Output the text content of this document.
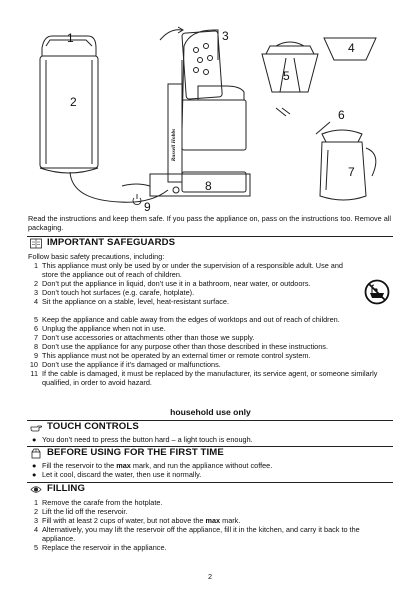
Russell Hobbs
1
2
3
4
5
6
7
8
9
Read the instructions and keep them safe. If you pass the appliance on, pass on the instructions too. Remove all packaging.
IMPORTANT SAFEGUARDS
Follow basic safety precautions, including:
1 This appliance must only be used by or under the supervision of a responsible adult. Use and store the appliance out of reach of children.
2 Don’t put the appliance in liquid, don’t use it in a bathroom, near water, or outdoors.
3 Don’t touch hot surfaces (e.g. carafe, hotplate).
4 Sit the appliance on a stable, level, heat-resistant surface.
5 Keep the appliance and cable away from the edges of worktops and out of reach of children.
6 Unplug the appliance when not in use.
7 Don’t use accessories or attachments other than those we supply.
8 Don’t use the appliance for any purpose other than those described in these instructions.
9 This appliance must not be operated by an external timer or remote control system.
10 Don’t use the appliance if it’s damaged or malfunctions.
11 If the cable is damaged, it must be replaced by the manufacturer, its service agent, or someone similarly qualified, in order to avoid hazard.
household use only
TOUCH CONTROLS
● You don’t need to press the button hard – a light touch is enough.
BEFORE USING FOR THE FIRST TIME
● Fill the reservoir to the max mark, and run the appliance without coffee.
● Let it cool, discard the water, then use it normally.
FILLING
1 Remove the carafe from the hotplate.
2 Lift the lid off the reservoir.
3 Fill with at least 2 cups of water, but not above the max mark.
4 Alternatively, you may lift the reservoir off the appliance, fill it in the kitchen, and carry it back to the appliance.
5 Replace the reservoir in the appliance.
2
